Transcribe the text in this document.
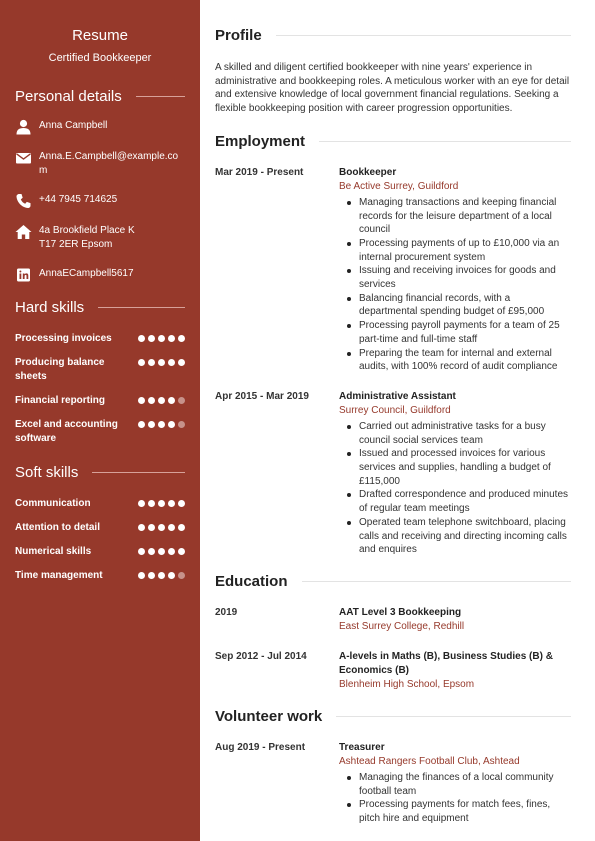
Resume
Certified Bookkeeper
Personal details
Anna Campbell
Anna.E.Campbell@example.com
+44 7945 714625
4a Brookfield Place KT17 2ER Epsom
AnnaECampbell5617
Hard skills
Processing invoices
Producing balance sheets
Financial reporting
Excel and accounting software
Soft skills
Communication
Attention to detail
Numerical skills
Time management
Profile

A skilled and diligent certified bookkeeper with nine years' experience in administrative and bookkeeping roles. A meticulous worker with an eye for detail and extensive knowledge of local government financial regulations. Seeking a flexible bookkeeping position with career progression opportunities.

Employment
Mar 2019 - Present	Bookkeeper
Be Active Surrey, Guildford
Managing transactions and keeping financial records for the leisure department of a local council
Processing payments of up to £10,000 via an internal procurement system
Issuing and receiving invoices for goods and services
Balancing financial records, with a departmental spending budget of £95,000
Processing payroll payments for a team of 25 part-time and full-time staff
Preparing the team for internal and external audits, with 100% record of audit compliance
Apr 2015 - Mar 2019	Administrative Assistant
Surrey Council, Guildford
Carried out administrative tasks for a busy council social services team
Issued and processed invoices for various services and supplies, handling a budget of £115,000
Drafted correspondence and produced minutes of regular team meetings
Operated team telephone switchboard, placing calls and receiving and directing incoming calls and enquires
Education
2019	AAT Level 3 Bookkeeping
East Surrey College, Redhill
Sep 2012 - Jul 2014	A-levels in Maths (B), Business Studies (B) & Economics (B)
Blenheim High School, Epsom
Volunteer work
Aug 2019 - Present	Treasurer
Ashtead Rangers Football Club, Ashtead
Managing the finances of a local community football team
Processing payments for match fees, fines, pitch hire and equipment
